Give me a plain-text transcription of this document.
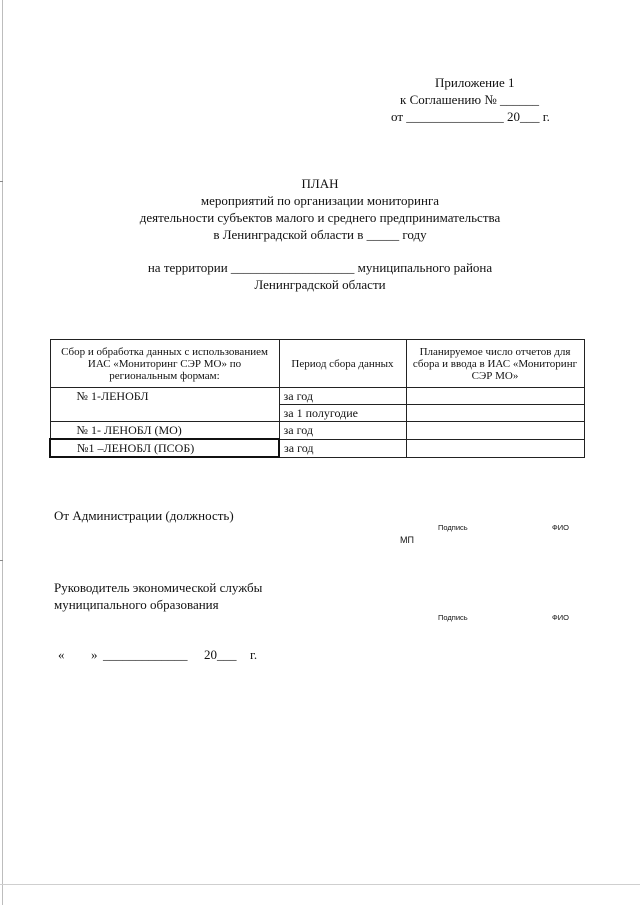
Приложение 1
к Соглашению № ______
от _______________ 20___ г.
ПЛАН
мероприятий по организации мониторинга
деятельности субъектов малого и среднего предпринимательства
в Ленинградской области в _____ году
на территории ___________________ муниципального района
Ленинградской области
Сбор и обработка данных с использованием ИАС «Мониторинг СЭР МО» по региональным формам:	Период сбора данных	Планируемое число отчетов для сбора и ввода в ИАС «Мониторинг СЭР МО»
№ 1-ЛЕНОБЛ	за год	
	за 1 полугодие	
№ 1- ЛЕНОБЛ (МО)	за год	
№1 –ЛЕНОБЛ (ПСОБ)	за год	
От Администрации (должность)
Подпись	ФИО
МП
Руководитель экономической службы
муниципального образования
Подпись	ФИО
« » _____________ 20___ г.
